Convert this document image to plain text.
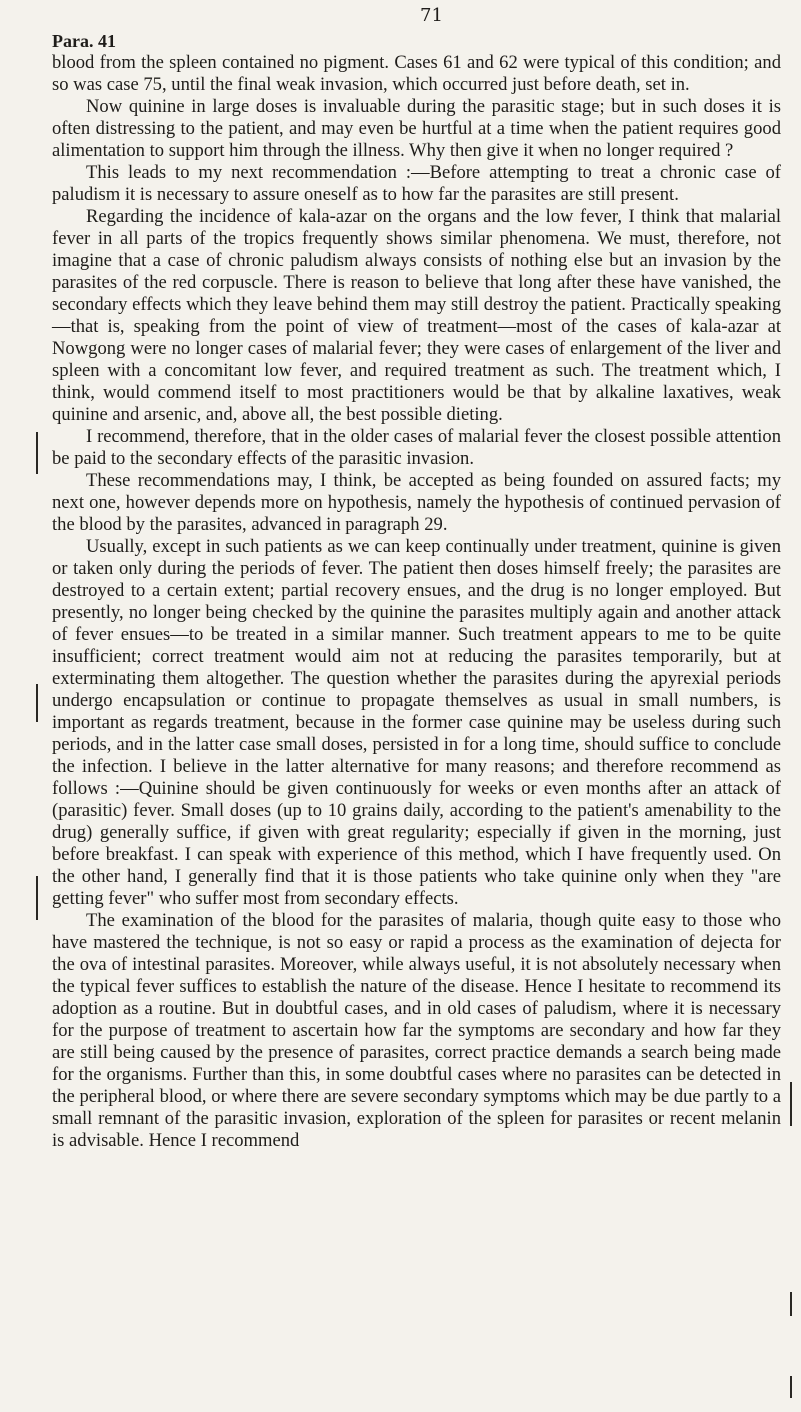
71
Para. 41

blood from the spleen contained no pigment. Cases 61 and 62 were typical of this condition; and so was case 75, until the final weak invasion, which occurred just before death, set in.

Now quinine in large doses is invaluable during the parasitic stage; but in such doses it is often distressing to the patient, and may even be hurtful at a time when the patient requires good alimentation to support him through the illness. Why then give it when no longer required ?

This leads to my next recommendation :—Before attempting to treat a chronic case of paludism it is necessary to assure oneself as to how far the parasites are still present.

Regarding the incidence of kala-azar on the organs and the low fever, I think that malarial fever in all parts of the tropics frequently shows similar phenomena. We must, therefore, not imagine that a case of chronic paludism always consists of nothing else but an invasion by the parasites of the red corpuscle. There is reason to believe that long after these have vanished, the secondary effects which they leave behind them may still destroy the patient. Practically speaking—that is, speaking from the point of view of treatment—most of the cases of kala-azar at Nowgong were no longer cases of malarial fever; they were cases of enlargement of the liver and spleen with a concomitant low fever, and required treatment as such. The treatment which, I think, would commend itself to most practitioners would be that by alkaline laxatives, weak quinine and arsenic, and, above all, the best possible dieting.

I recommend, therefore, that in the older cases of malarial fever the closest possible attention be paid to the secondary effects of the parasitic invasion.

These recommendations may, I think, be accepted as being founded on assured facts; my next one, however depends more on hypothesis, namely the hypothesis of continued pervasion of the blood by the parasites, advanced in paragraph 29.

Usually, except in such patients as we can keep continually under treatment, quinine is given or taken only during the periods of fever. The patient then doses himself freely; the parasites are destroyed to a certain extent; partial recovery ensues, and the drug is no longer employed. But presently, no longer being checked by the quinine the parasites multiply again and another attack of fever ensues—to be treated in a similar manner. Such treatment appears to me to be quite insufficient; correct treatment would aim not at reducing the parasites temporarily, but at exterminating them altogether. The question whether the parasites during the apyrexial periods undergo encapsulation or continue to propagate themselves as usual in small numbers, is important as regards treatment, because in the former case quinine may be useless during such periods, and in the latter case small doses, persisted in for a long time, should suffice to conclude the infection. I believe in the latter alternative for many reasons; and therefore recommend as follows :—Quinine should be given continuously for weeks or even months after an attack of (parasitic) fever. Small doses (up to 10 grains daily, according to the patient's amenability to the drug) generally suffice, if given with great regularity; especially if given in the morning, just before breakfast. I can speak with experience of this method, which I have frequently used. On the other hand, I generally find that it is those patients who take quinine only when they "are getting fever" who suffer most from secondary effects.

The examination of the blood for the parasites of malaria, though quite easy to those who have mastered the technique, is not so easy or rapid a process as the examination of dejecta for the ova of intestinal parasites. Moreover, while always useful, it is not absolutely necessary when the typical fever suffices to establish the nature of the disease. Hence I hesitate to recommend its adoption as a routine. But in doubtful cases, and in old cases of paludism, where it is necessary for the purpose of treatment to ascertain how far the symptoms are secondary and how far they are still being caused by the presence of parasites, correct practice demands a search being made for the organisms. Further than this, in some doubtful cases where no parasites can be detected in the peripheral blood, or where there are severe secondary symptoms which may be due partly to a small remnant of the parasitic invasion, exploration of the spleen for parasites or recent melanin is advisable. Hence I recommend
